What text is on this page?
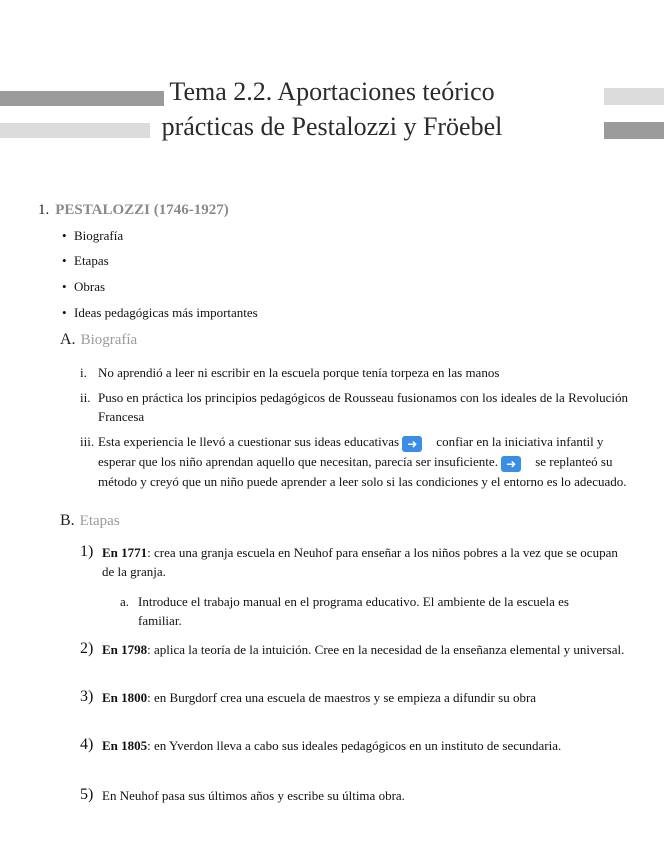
Tema 2.2. Aportaciones teórico
prácticas de Pestalozzi y Fröebel
1. PESTALOZZI (1746-1927)
• Biografía
• Etapas
• Obras
• Ideas pedagógicas más importantes
A. Biografía
i. No aprendió a leer ni escribir en la escuela porque tenía torpeza en las manos
ii. Puso en práctica los principios pedagógicos de Rousseau fusionamos con los ideales de la Revolución Francesa
iii. Esta experiencia le llevó a cuestionar sus ideas educativas ➜ confiar en la iniciativa infantil y esperar que los niño aprendan aquello que necesitan, parecía ser insuficiente. ➜ se replanteó su método y creyó que un niño puede aprender a leer solo si las condiciones y el entorno es lo adecuado.
B. Etapas
1) En 1771: crea una granja escuela en Neuhof para enseñar a los niños pobres a la vez que se ocupan de la granja.
a. Introduce el trabajo manual en el programa educativo. El ambiente de la escuela es familiar.
2) En 1798: aplica la teoría de la intuición. Cree en la necesidad de la enseñanza elemental y universal.
3) En 1800: en Burgdorf crea una escuela de maestros y se empieza a difundir su obra
4) En 1805: en Yverdon lleva a cabo sus ideales pedagógicos en un instituto de secundaria.
5) En Neuhof pasa sus últimos años y escribe su última obra.
